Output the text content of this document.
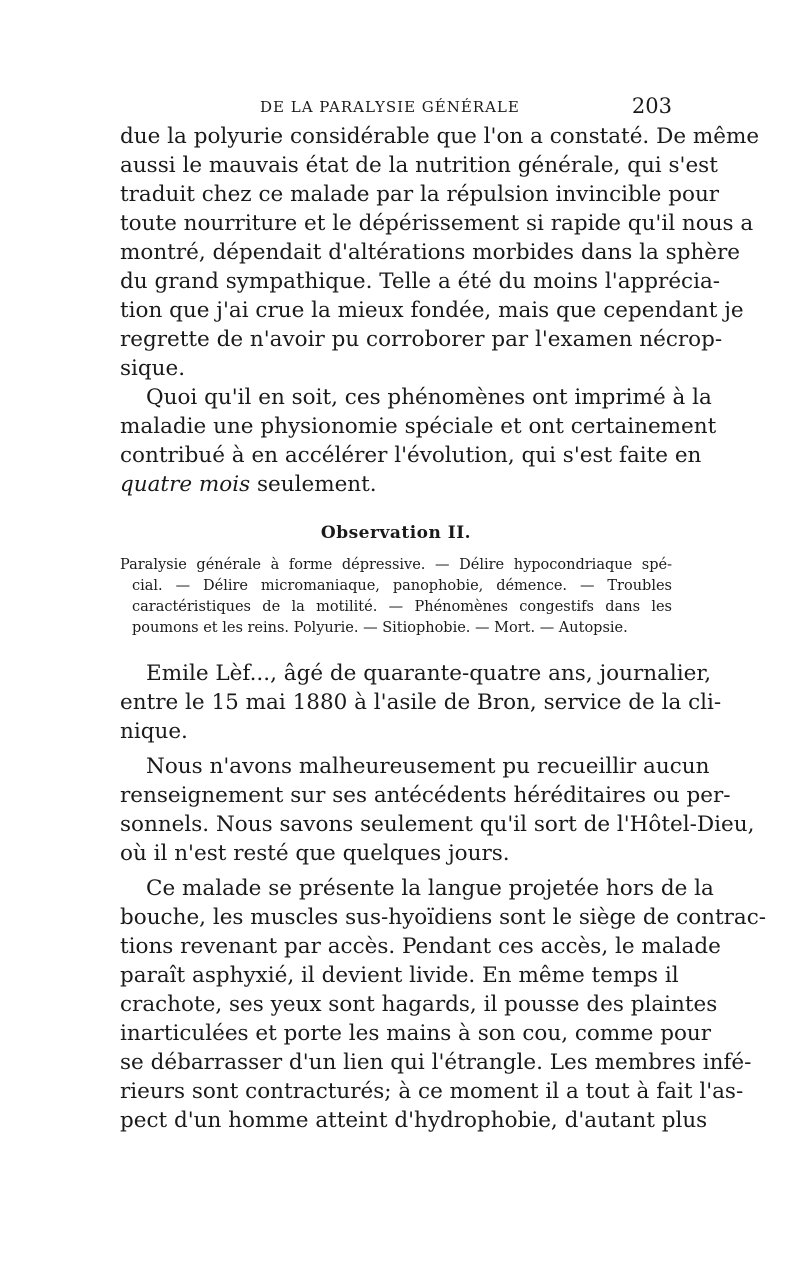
DE LA PARALYSIE GÉNÉRALE	203

due la polyurie considérable que l'on a constaté. De même
aussi le mauvais état de la nutrition générale, qui s'est
traduit chez ce malade par la répulsion invincible pour
toute nourriture et le dépérissement si rapide qu'il nous a
montré, dépendait d'altérations morbides dans la sphère
du grand sympathique. Telle a été du moins l'apprécia-
tion que j'ai crue la mieux fondée, mais que cependant je
regrette de n'avoir pu corroborer par l'examen nécrop-
sique.

Quoi qu'il en soit, ces phénomènes ont imprimé à la
maladie une physionomie spéciale et ont certainement
contribué à en accélérer l'évolution, qui s'est faite en
quatre mois seulement.

Observation II.

Paralysie générale à forme dépressive. — Délire hypocondriaque spé-
cial. — Délire micromaniaque, panophobie, démence. — Troubles
caractéristiques de la motilité. — Phénomènes congestifs dans les
poumons et les reins. Polyurie. — Sitiophobie. — Mort. — Autopsie.

Emile Lèf..., âgé de quarante-quatre ans, journalier,
entre le 15 mai 1880 à l'asile de Bron, service de la cli-
nique.

Nous n'avons malheureusement pu recueillir aucun
renseignement sur ses antécédents héréditaires ou per-
sonnels. Nous savons seulement qu'il sort de l'Hôtel-Dieu,
où il n'est resté que quelques jours.

Ce malade se présente la langue projetée hors de la
bouche, les muscles sus-hyoïdiens sont le siège de contrac-
tions revenant par accès. Pendant ces accès, le malade
paraît asphyxié, il devient livide. En même temps il
crachote, ses yeux sont hagards, il pousse des plaintes
inarticulées et porte les mains à son cou, comme pour
se débarrasser d'un lien qui l'étrangle. Les membres infé-
rieurs sont contracturés; à ce moment il a tout à fait l'as-
pect d'un homme atteint d'hydrophobie, d'autant plus
